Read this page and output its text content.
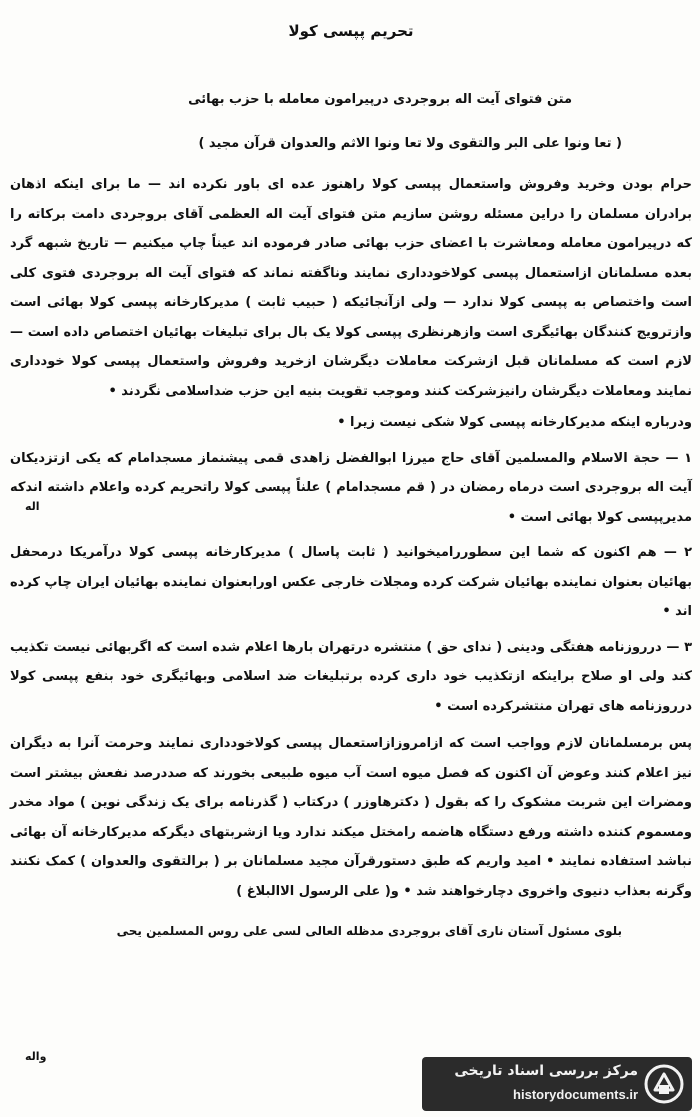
اله
واله
تحریم پپسی کولا
متن فتوای آیت اله بروجردی درپیرامون معامله با حزب بهائی
( تعا ونوا علی البر والتقوی ولا تعا ونوا الاثم والعدوان قرآن مجید )

حرام بودن وخرید وفروش واستعمال پپسی کولا راهنوز عده ای باور نکرده اند — ما برای اینکه اذهان برادران مسلمان را دراین مسئله روشن سازیم متن فتوای آیت اله العظمی آقای بروجردی دامت برکاته را که درپیرامون معامله ومعاشرت با اعضای حزب بهائی صادر فرموده اند عیناً چاپ میکنیم — تاریخ شبهه گرد بعده مسلمانان ازاستعمال پپسی کولاخودداری نمایند وناگفته نماند که فتوای آیت اله بروجردی فتوی کلی است واختصاص به پپسی کولا ندارد — ولی ازآنجائیکه ( حبیب ثابت ) مدیرکارخانه پپسی کولا بهائی است وازترویج کنندگان بهائیگری است وازهرنظری پپسی کولا یک بال برای تبلیغات بهائیان اختصاص داده است — لازم است که مسلمانان قبل ازشرکت معاملات دیگرشان ازخرید وفروش واستعمال پپسی کولا خودداری نمایند ومعاملات دیگرشان رانیزشرکت کنند وموجب تقویت بنیه این حزب ضداسلامی نگردند •

ودرباره اینکه مدیرکارخانه پپسی کولا شکی نیست زیرا •

۱ — حجة الاسلام والمسلمین آقای حاج میرزا ابوالفضل زاهدی قمی پیشنماز مسجدامام که یکی ازتزدیکان آیت اله بروجردی است درماه رمضان در ( قم مسجدامام ) علناً پپسی کولا راتحریم کرده واعلام داشته اندکه مدیرپپسی کولا بهائی است •

۲ — هم اکنون که شما این سطوررامیخوانید ( ثابت پاسال ) مدیرکارخانه پپسی کولا درآمریکا درمحفل بهائیان بعنوان نماینده بهائیان شرکت کرده ومجلات خارجی عکس اورابعنوان نماینده بهائیان ایران چاپ کرده اند •

۳ — درروزنامه هفتگی ودینی ( ندای حق ) منتشره درتهران بارها اعلام شده است که اگربهائی نیست تکذیب کند ولی او صلاح براینکه ازتکذیب خود داری کرده برتبلیغات ضد اسلامی وبهائیگری خود بنفع پپسی کولا درروزنامه های تهران منتشرکرده است •

پس برمسلمانان لازم وواجب است که ازامروزازاستعمال پپسی کولاخودداری نمایند وحرمت آنرا به دیگران نیز اعلام کنند وعوض آن اکنون که فصل میوه است آب میوه طبیعی بخورند که صددرصد نفعش بیشتر است ومضرات این شربت مشکوک را که بقول ( دکترهاوزر ) درکتاب ( گذرنامه برای یک زندگی نوین ) مواد مخدر ومسموم کننده داشته ورفع دستگاه هاضمه رامختل میکند ندارد ویا ازشربتهای دیگرکه مدیرکارخانه آن بهائی نباشد استفاده نمایند • امید واریم که طبق دستورقرآن مجید مسلمانان بر ( برالتقوی والعدوان ) کمک نکنند وگرنه بعذاب دنیوی واخروی دچارخواهند شد • و( علی الرسول الاالبلاغ )

بلوی مسئول آستان ناری آقای بروجردی مدظله العالی لسی علی روس المسلمین یحی
مرکز بررسی اسناد تاریخی
historydocuments.ir
